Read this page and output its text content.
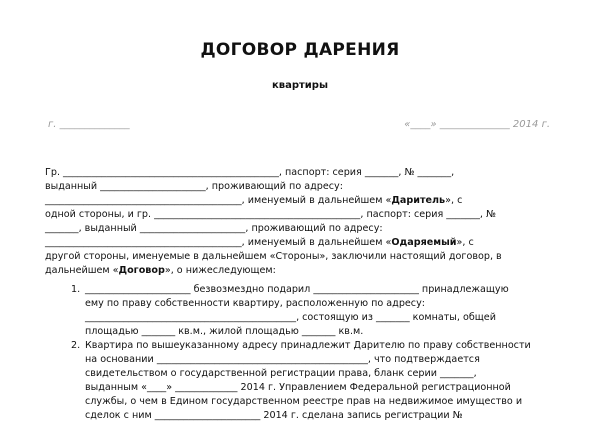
ДОГОВОР ДАРЕНИЯ
квартиры
г. ______________	«____» ______________ 2014 г.
Гр. _____________________________________________, паспорт: серия _______, № _______,
выданный ______________________, проживающий по адресу:
_________________________________________, именуемый в дальнейшем «Даритель», с
одной стороны, и гр. ___________________________________________, паспорт: серия _______, №
_______, выданный ______________________, проживающий по адресу:
_________________________________________, именуемый в дальнейшем «Одаряемый», с
другой стороны, именуемые в дальнейшем «Стороны», заключили настоящий договор, в
дальнейшем «Договор», о нижеследующем:
1. ______________________ безвозмездно подарил ______________________ принадлежащую
ему по праву собственности квартиру, расположенную по адресу:
____________________________________________, состоящую из _______ комнаты, общей
площадью _______ кв.м., жилой площадью _______ кв.м.
2. Квартира по вышеуказанному адресу принадлежит Дарителю по праву собственности
на основании ____________________________________________, что подтверждается
свидетельством о государственной регистрации права, бланк серии _______,
выданным «____» _____________ 2014 г. Управлением Федеральной регистрационной
службы, о чем в Едином государственном реестре прав на недвижимое имущество и
сделок с ним ______________________ 2014 г. сделана запись регистрации №
